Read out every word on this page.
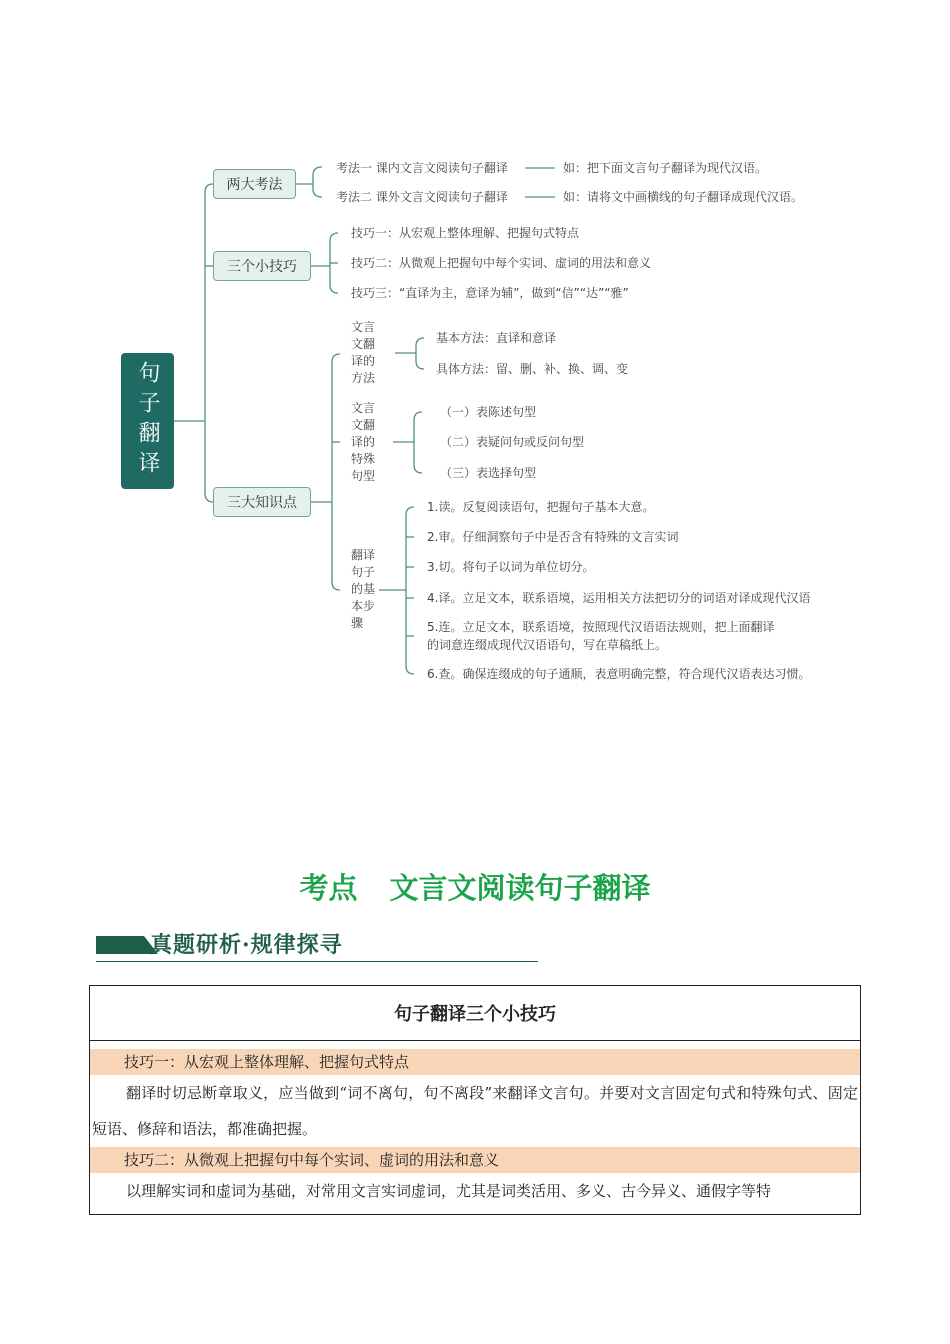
句子翻译
两大考法
三个小技巧
三大知识点
考法一 课内文言文阅读句子翻译	如：把下面文言句子翻译为现代汉语。
考法二 课外文言文阅读句子翻译	如：请将文中画横线的句子翻译成现代汉语。
技巧一：从宏观上整体理解、把握句式特点
技巧二：从微观上把握句中每个实词、虚词的用法和意义
技巧三：“直译为主，意译为辅”，做到“信”“达”“雅”
文言文翻译的方法
基本方法：直译和意译
具体方法：留、删、补、换、调、变
文言文翻译的特殊句型
（一）表陈述句型
（二）表疑问句或反问句型
（三）表选择句型
翻译句子的基本步骤
1.读。反复阅读语句，把握句子基本大意。
2.审。仔细洞察句子中是否含有特殊的文言实词
3.切。将句子以词为单位切分。
4.译。立足文本，联系语境，运用相关方法把切分的词语对译成现代汉语
5.连。立足文本，联系语境，按照现代汉语语法规则，把上面翻译
的词意连缀成现代汉语语句，写在草稿纸上。
6.查。确保连缀成的句子通顺，表意明确完整，符合现代汉语表达习惯。
考点 文言文阅读句子翻译
真题研析·规律探寻
句子翻译三个小技巧
技巧一：从宏观上整体理解、把握句式特点
翻译时切忌断章取义，应当做到“词不离句，句不离段”来翻译文言句。并要对文言固定句式和特殊句式、固定短语、修辞和语法，都准确把握。
技巧二：从微观上把握句中每个实词、虚词的用法和意义
以理解实词和虚词为基础，对常用文言实词虚词，尤其是词类活用、多义、古今异义、通假字等特
